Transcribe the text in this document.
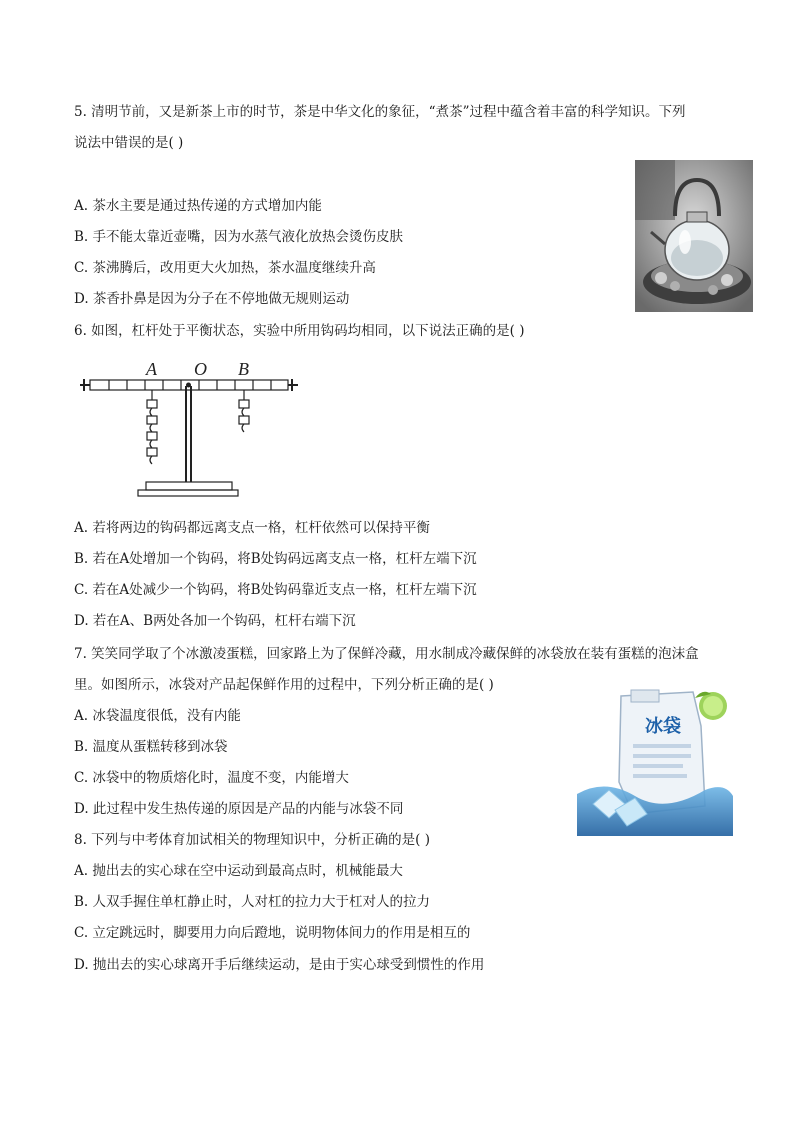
5. 清明节前，又是新茶上市的时节，茶是中华文化的象征，“煮茶”过程中蕴含着丰富的科学知识。下列
说法中错误的是( )
A. 茶水主要是通过热传递的方式增加内能
B. 手不能太靠近壶嘴，因为水蒸气液化放热会烫伤皮肤
C. 茶沸腾后，改用更大火加热，茶水温度继续升高
D. 茶香扑鼻是因为分子在不停地做无规则运动
6. 如图，杠杆处于平衡状态，实验中所用钩码均相同，以下说法正确的是( )
A O B
A. 若将两边的钩码都远离支点一格，杠杆依然可以保持平衡
B. 若在A处增加一个钩码，将B处钩码远离支点一格，杠杆左端下沉
C. 若在A处减少一个钩码，将B处钩码靠近支点一格，杠杆左端下沉
D. 若在A、B两处各加一个钩码，杠杆右端下沉
7. 笑笑同学取了个冰激凌蛋糕，回家路上为了保鲜冷藏，用水制成冷藏保鲜的冰袋放在装有蛋糕的泡沫盒
里。如图所示，冰袋对产品起保鲜作用的过程中，下列分析正确的是( )
A. 冰袋温度很低，没有内能
B. 温度从蛋糕转移到冰袋
C. 冰袋中的物质熔化时，温度不变，内能增大
D. 此过程中发生热传递的原因是产品的内能与冰袋不同
冰袋
8. 下列与中考体育加试相关的物理知识中，分析正确的是( )
A. 抛出去的实心球在空中运动到最高点时，机械能最大
B. 人双手握住单杠静止时，人对杠的拉力大于杠对人的拉力
C. 立定跳远时，脚要用力向后蹬地，说明物体间力的作用是相互的
D. 抛出去的实心球离开手后继续运动，是由于实心球受到惯性的作用
